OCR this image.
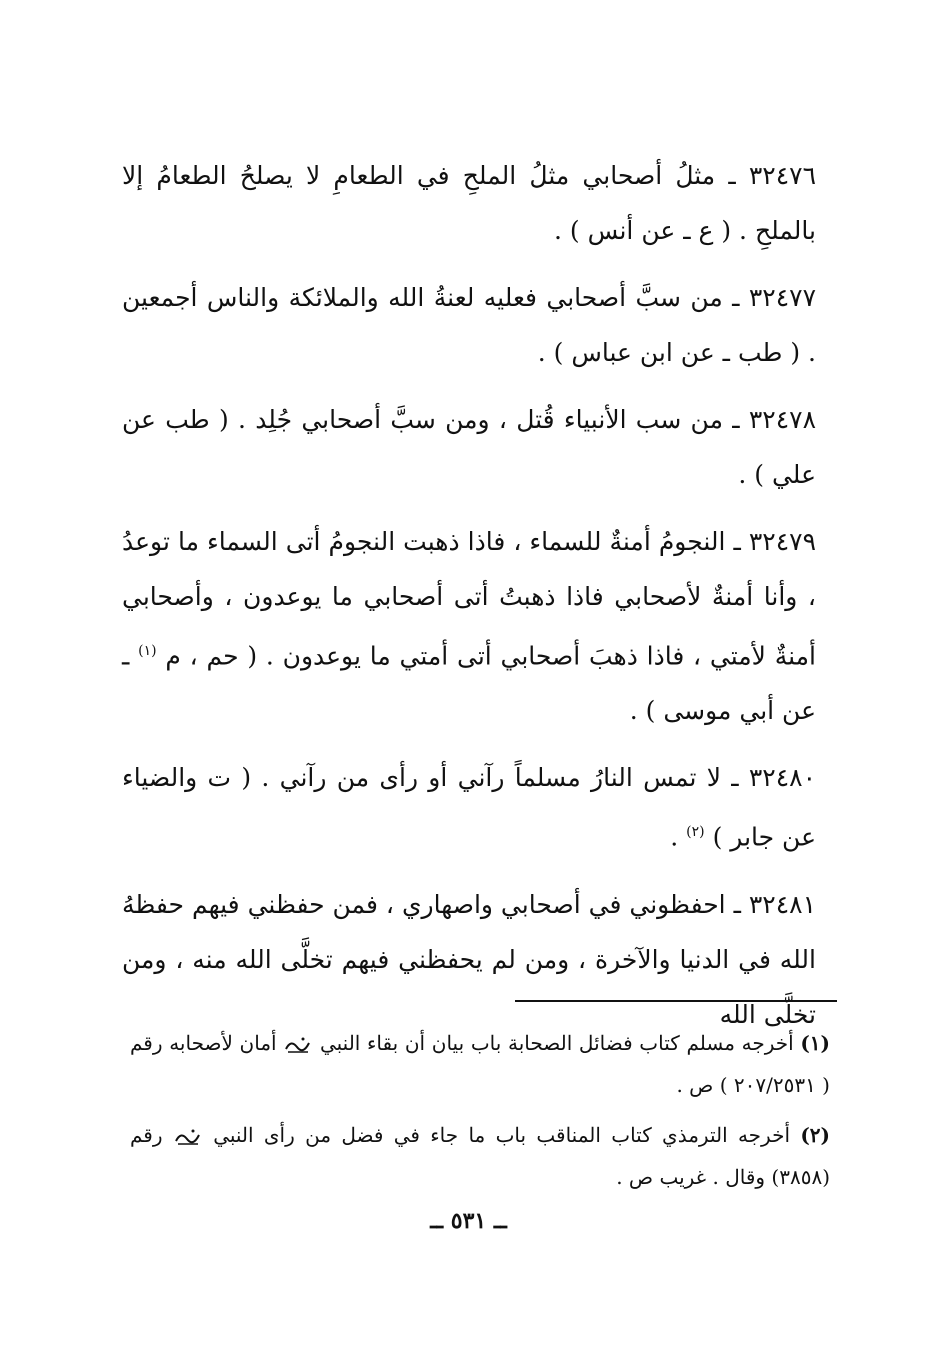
٣٢٤٧٦ ـ مثلُ أصحابي مثلُ الملحِ في الطعامِ لا يصلحُ الطعامُ إلا بالملحِ . ( ع ـ عن أنس ) .

٣٢٤٧٧ ـ من سبَّ أصحابي فعليه لعنةُ الله والملائكة والناس أجمعين . ( طب ـ عن ابن عباس ) .

٣٢٤٧٨ ـ من سب الأنبياء قُتل ، ومن سبَّ أصحابي جُلِد . ( طب عن علي ) .

٣٢٤٧٩ ـ النجومُ أمنةٌ للسماء ، فاذا ذهبت النجومُ أتى السماء ما توعدُ ، وأنا أمنةٌ لأصحابي فاذا ذهبتُ أتى أصحابي ما يوعدون ، وأصحابي أمنةٌ لأمتي ، فاذا ذهبَ أصحابي أتى أمتي ما يوعدون . ( حم ، م $^{(١)}$ ـ عن أبي موسى ) .

٣٢٤٨٠ ـ لا تمس النارُ مسلماً رآني أو رأى من رآني . ( ت والضياء عن جابر ) $^{(٢)}$ .

٣٢٤٨١ ـ احفظوني في أصحابي واصهاري ، فمن حفظني فيهم حفظهُ الله في الدنيا والآخرة ، ومن لم يحفظني فيهم تخلَّى الله منه ، ومن تخلَّى الله

(١) أخرجه مسلم كتاب فضائل الصحابة باب بيان أن بقاء النبي  أمان لأصحابه رقم ( ٢٠٧/٢٥٣١ ) ص .

(٢) أخرجه الترمذي كتاب المناقب باب ما جاء في فضل من رأى النبي  رقم (٣٨٥٨) وقال . غريب ص .

ــ ٥٣١ ــ
